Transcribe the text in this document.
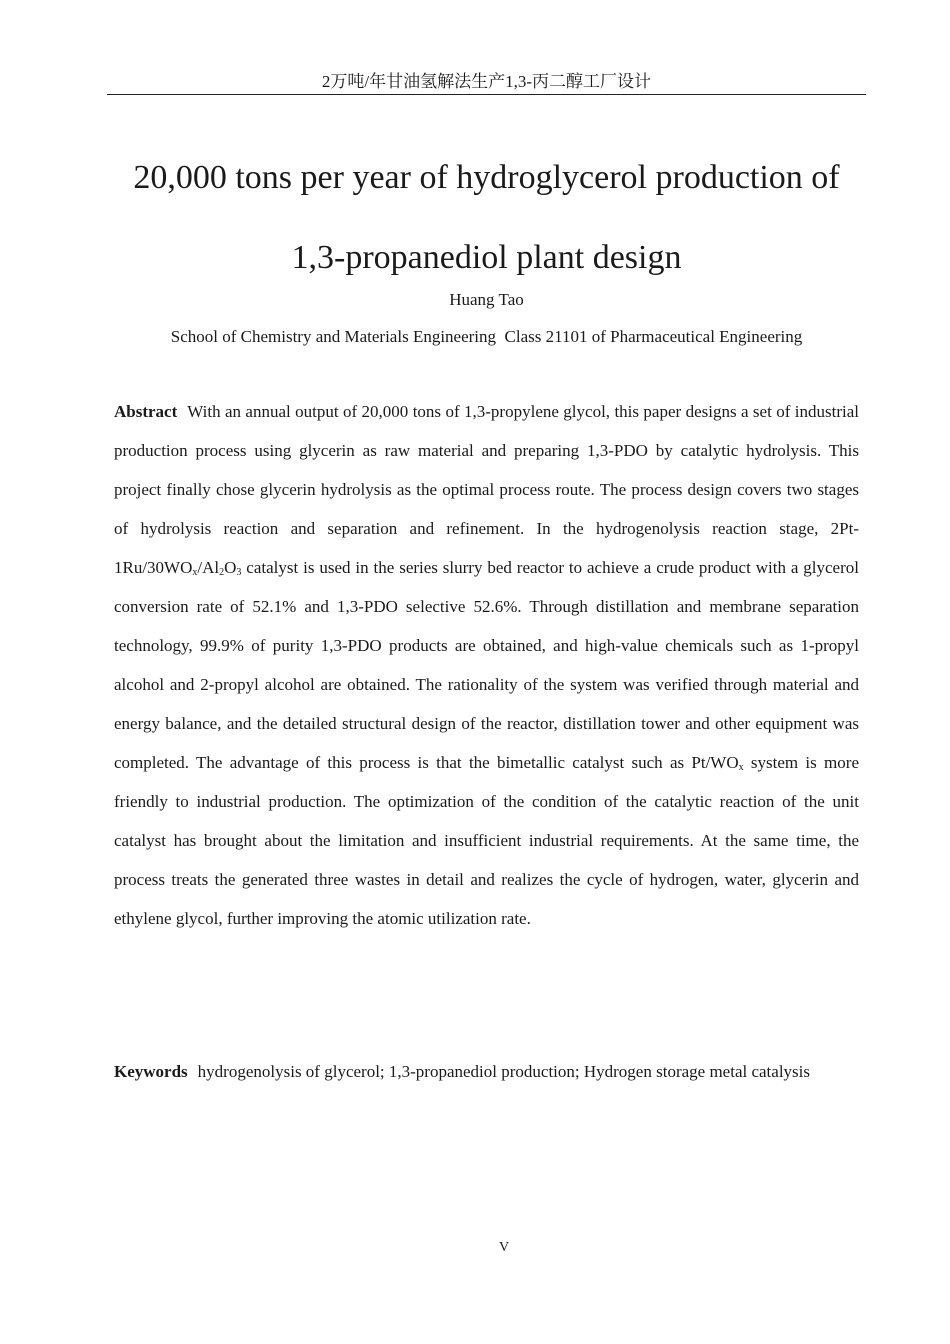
2万吨/年甘油氢解法生产1,3-丙二醇工厂设计
20,000 tons per year of hydroglycerol production of
1,3-propanediol plant design
Huang Tao
School of Chemistry and Materials Engineering  Class 21101 of Pharmaceutical Engineering

Abstract With an annual output of 20,000 tons of 1,3-propylene glycol, this paper designs a set of industrial production process using glycerin as raw material and preparing 1,3-PDO by catalytic hydrolysis. This project finally chose glycerin hydrolysis as the optimal process route. The process design covers two stages of hydrolysis reaction and separation and refinement. In the hydrogenolysis reaction stage, $2Pt-1Ru/30WO_x/Al_2O_3$ catalyst is used in the series slurry bed reactor to achieve a crude product with a glycerol conversion rate of 52.1% and 1,3-PDO selective 52.6%. Through distillation and membrane separation technology, 99.9% of purity 1,3-PDO products are obtained, and high-value chemicals such as 1-propyl alcohol and 2-propyl alcohol are obtained. The rationality of the system was verified through material and energy balance, and the detailed structural design of the reactor, distillation tower and other equipment was completed. The advantage of this process is that the bimetallic catalyst such as $Pt/WO_x$ system is more friendly to industrial production. The optimization of the condition of the catalytic reaction of the unit catalyst has brought about the limitation and insufficient industrial requirements. At the same time, the process treats the generated three wastes in detail and realizes the cycle of hydrogen, water, glycerin and ethylene glycol, further improving the atomic utilization rate.

Keywords hydrogenolysis of glycerol; 1,3-propanediol production; Hydrogen storage metal catalysis

V
